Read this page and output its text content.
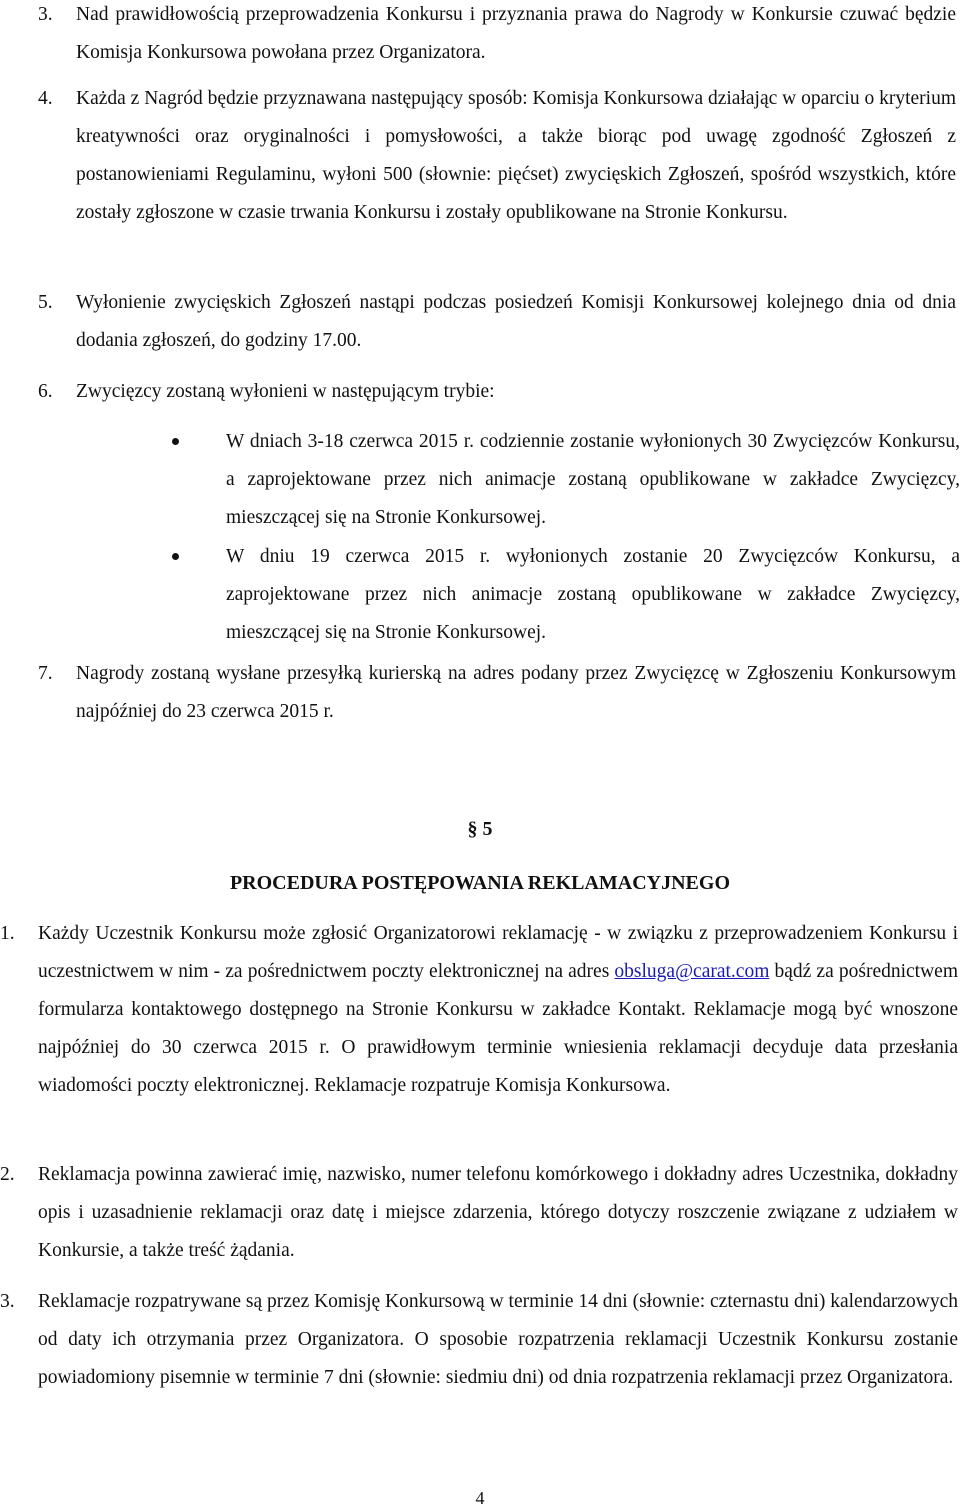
3. Nad prawidłowością przeprowadzenia Konkursu i przyznania prawa do Nagrody w Konkursie czuwać będzie Komisja Konkursowa powołana przez Organizatora.
4. Każda z Nagród będzie przyznawana następujący sposób: Komisja Konkursowa działając w oparciu o kryterium kreatywności oraz oryginalności i pomysłowości, a także biorąc pod uwagę zgodność Zgłoszeń z postanowieniami Regulaminu, wyłoni 500 (słownie: pięćset) zwycięskich Zgłoszeń, spośród wszystkich, które zostały zgłoszone w czasie trwania Konkursu i zostały opublikowane na Stronie Konkursu.
5. Wyłonienie zwycięskich Zgłoszeń nastąpi podczas posiedzeń Komisji Konkursowej kolejnego dnia od dnia dodania zgłoszeń, do godziny 17.00.
6. Zwycięzcy zostaną wyłonieni w następującym trybie:
W dniach 3-18 czerwca 2015 r. codziennie zostanie wyłonionych 30 Zwycięzców Konkursu, a zaprojektowane przez nich animacje zostaną opublikowane w zakładce Zwycięzcy, mieszczącej się na Stronie Konkursowej.
W dniu 19 czerwca 2015 r. wyłonionych zostanie 20 Zwycięzców Konkursu, a zaprojektowane przez nich animacje zostaną opublikowane w zakładce Zwycięzcy, mieszczącej się na Stronie Konkursowej.
7. Nagrody zostaną wysłane przesyłką kurierską na adres podany przez Zwycięzcę w Zgłoszeniu Konkursowym najpóźniej do 23 czerwca 2015 r.
§ 5
PROCEDURA POSTĘPOWANIA REKLAMACYJNEGO
1. Każdy Uczestnik Konkursu może zgłosić Organizatorowi reklamację - w związku z przeprowadzeniem Konkursu i uczestnictwem w nim - za pośrednictwem poczty elektronicznej na adres obsluga@carat.com bądź za pośrednictwem formularza kontaktowego dostępnego na Stronie Konkursu w zakładce Kontakt. Reklamacje mogą być wnoszone najpóźniej do 30 czerwca 2015 r. O prawidłowym terminie wniesienia reklamacji decyduje data przesłania wiadomości poczty elektronicznej. Reklamacje rozpatruje Komisja Konkursowa.
2. Reklamacja powinna zawierać imię, nazwisko, numer telefonu komórkowego i dokładny adres Uczestnika, dokładny opis i uzasadnienie reklamacji oraz datę i miejsce zdarzenia, którego dotyczy roszczenie związane z udziałem w Konkursie, a także treść żądania.
3. Reklamacje rozpatrywane są przez Komisję Konkursową w terminie 14 dni (słownie: czternastu dni) kalendarzowych od daty ich otrzymania przez Organizatora. O sposobie rozpatrzenia reklamacji Uczestnik Konkursu zostanie powiadomiony pisemnie w terminie 7 dni (słownie: siedmiu dni) od dnia rozpatrzenia reklamacji przez Organizatora.
4
